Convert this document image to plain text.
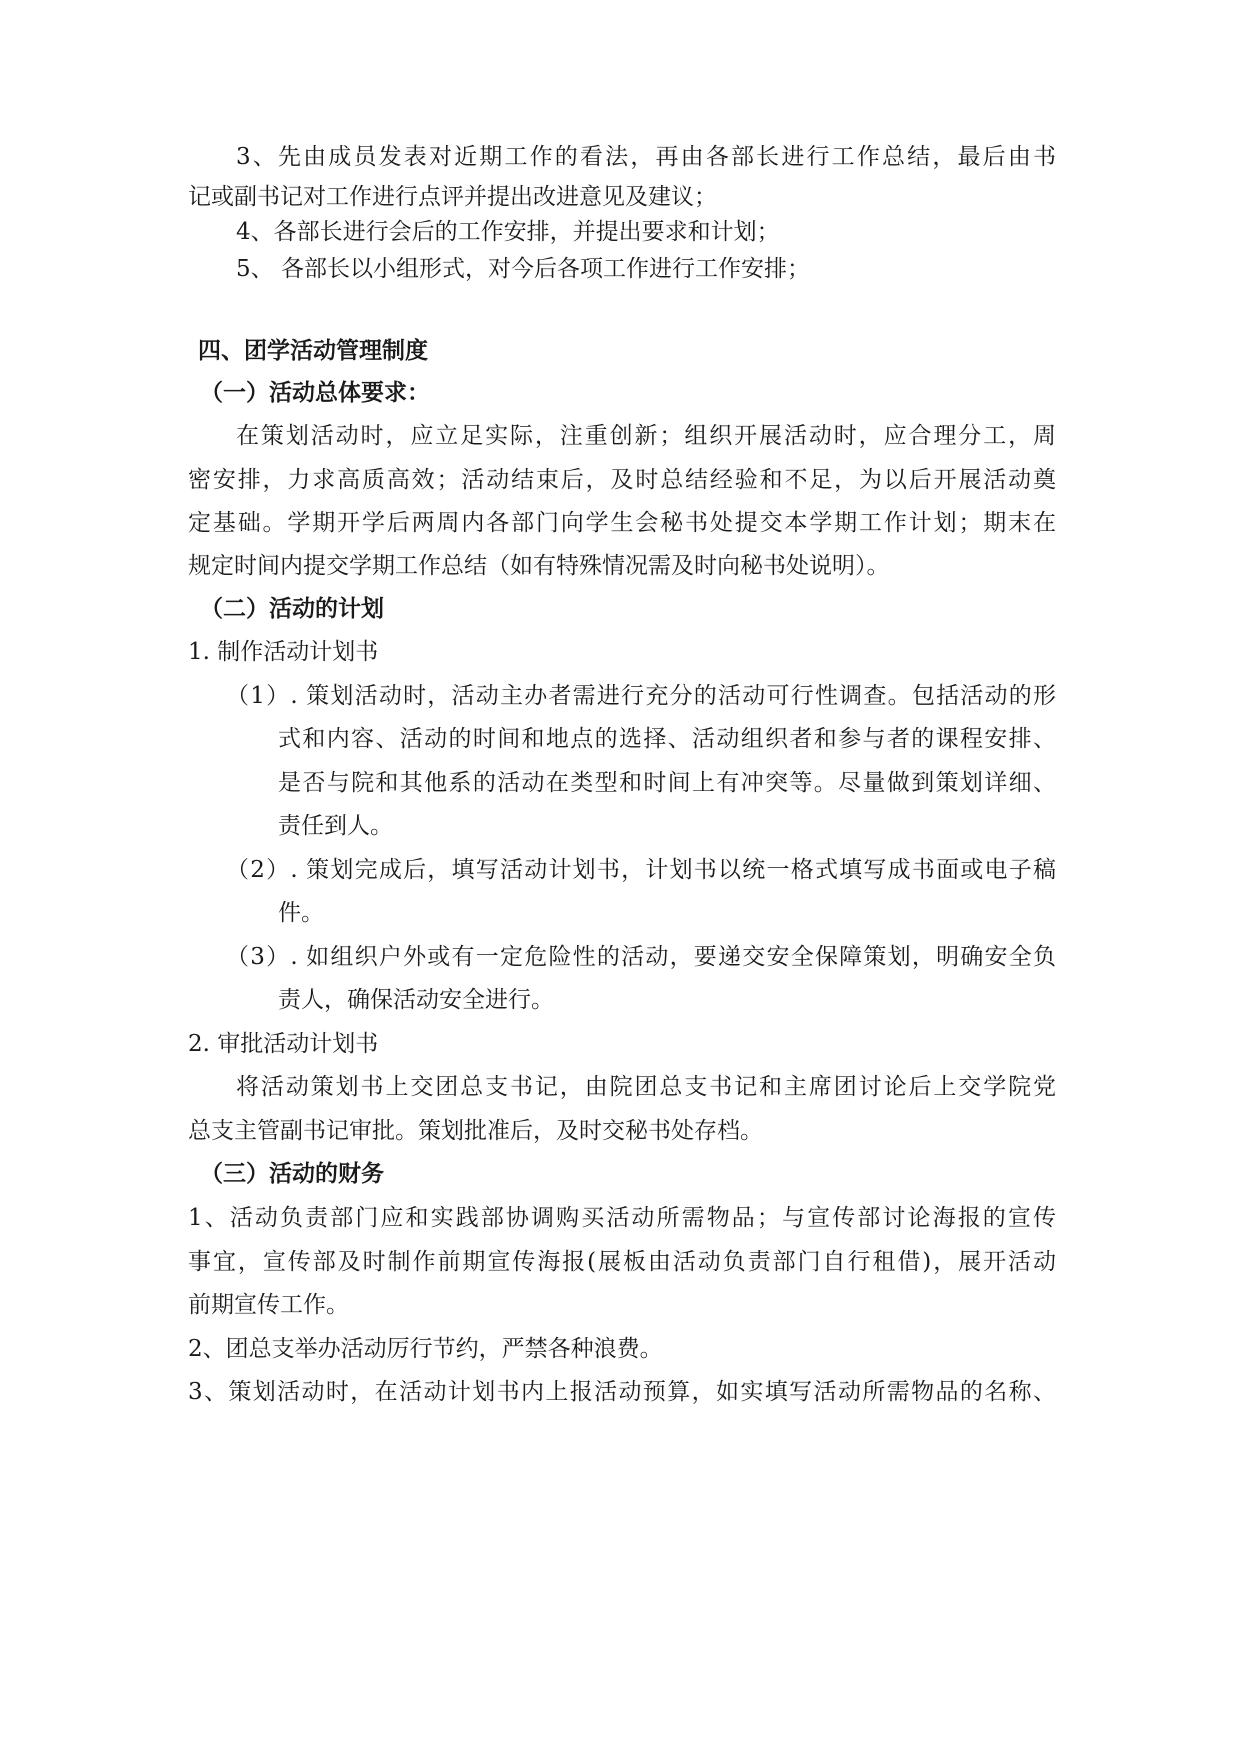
3、先由成员发表对近期工作的看法，再由各部长进行工作总结，最后由书
记或副书记对工作进行点评并提出改进意见及建议；
4、各部长进行会后的工作安排，并提出要求和计划；
5、 各部长以小组形式，对今后各项工作进行工作安排；
四、团学活动管理制度
（一）活动总体要求：
在策划活动时，应立足实际，注重创新；组织开展活动时，应合理分工，周
密安排，力求高质高效；活动结束后，及时总结经验和不足，为以后开展活动奠
定基础。学期开学后两周内各部门向学生会秘书处提交本学期工作计划；期末在
规定时间内提交学期工作总结（如有特殊情况需及时向秘书处说明）。
（二）活动的计划
1. 制作活动计划书
（1）. 策划活动时，活动主办者需进行充分的活动可行性调查。包括活动的形
式和内容、活动的时间和地点的选择、活动组织者和参与者的课程安排、
是否与院和其他系的活动在类型和时间上有冲突等。尽量做到策划详细、
责任到人。
（2）. 策划完成后，填写活动计划书，计划书以统一格式填写成书面或电子稿
件。
（3）. 如组织户外或有一定危险性的活动，要递交安全保障策划，明确安全负
责人，确保活动安全进行。
2. 审批活动计划书
将活动策划书上交团总支书记，由院团总支书记和主席团讨论后上交学院党
总支主管副书记审批。策划批准后，及时交秘书处存档。
（三）活动的财务
1、活动负责部门应和实践部协调购买活动所需物品；与宣传部讨论海报的宣传
事宜，宣传部及时制作前期宣传海报(展板由活动负责部门自行租借)，展开活动
前期宣传工作。
2、团总支举办活动厉行节约，严禁各种浪费。
3、策划活动时，在活动计划书内上报活动预算，如实填写活动所需物品的名称、
